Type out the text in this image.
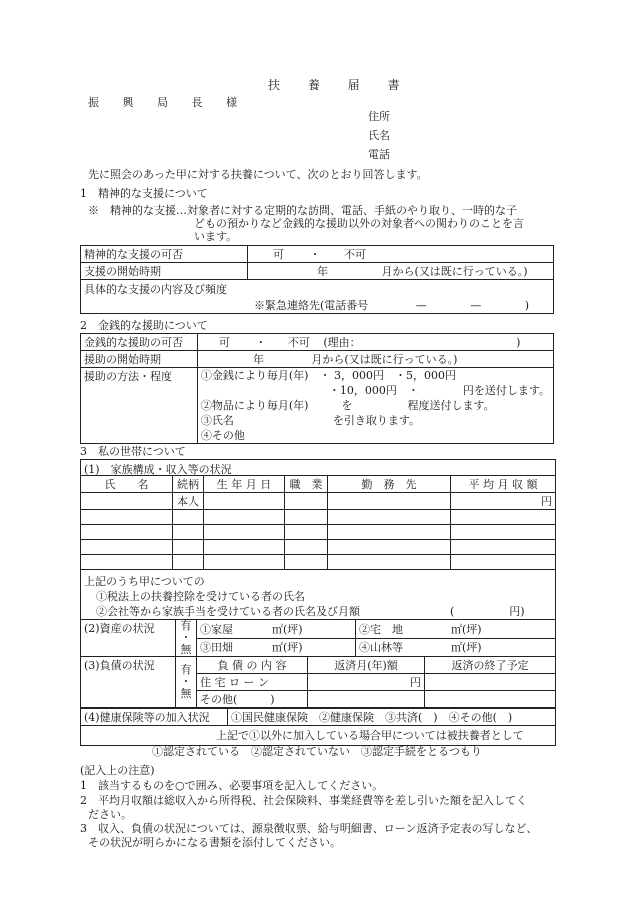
扶 養 届 書
振 興 局 長 様
住所
氏名
電話
先に照会のあった甲に対する扶養について、次のとおり回答します。
1　精神的な支援について
※　精神的な支援…対象者に対する定期的な訪問、電話、手紙のやり取り、一時的な子
どもの預かりなど金銭的な援助以外の対象者への関わりのことを言
います。
精神的な支援の可否	可 ・ 不可
支援の開始時期	年 月から(又は既に行っている。)

具体的な支援の内容及び頻度
※緊急連絡先(電話番号 — — )	
2　金銭的な援助について
金銭的な援助の可否	可 ・ 不可 (理由： )
援助の開始時期	年 月から(又は既に行っている。)
援助の方法・程度	①金銭により毎月(年)　・ 3，000円　・5，000円
・10，000円　・　　　　円を送付します。
②物品により毎月(年)　　　を　　　　　程度送付します。
③氏名　　　　　　　　　を引き取ります。
④その他
3　私の世帯について
(1)　家族構成・収入等の状況
氏　　名	続柄	生 年 月 日	職　業	勤　務　先	平 均 月 収 額
	本人				円

上記のうち甲についての
①税法上の扶養控除を受けている者の氏名
②会社等から家族手当を受けている者の氏名及び月額	(　　　　　円)
(2)資産の状況	有
・
無	①家屋	㎡(坪)	②宅　地	㎡(坪)
		③田畑	㎡(坪)	④山林等	㎡(坪)
(3)負債の状況	有
・
無	負 債 の 内 容	返済月(年)額	返済の終了予定
		住 宅 ロ ー ン	円	
		その他(　　　)		
(4)健康保険等の加入状況	①国民健康保険　②健康保険　③共済(　)　④その他(　)
上記で①以外に加入している場合甲については被扶養者として
①認定されている　②認定されていない　③認定手続をとるつもり
(記入上の注意)
1　該当するものを○で囲み、必要事項を記入してください。
2　平均月収額は総収入から所得税、社会保険料、事業経費等を差し引いた額を記入してく
ださい。
3　収入、負債の状況については、源泉徴収票、給与明細書、ローン返済予定表の写しなど、
その状況が明らかになる書類を添付してください。
